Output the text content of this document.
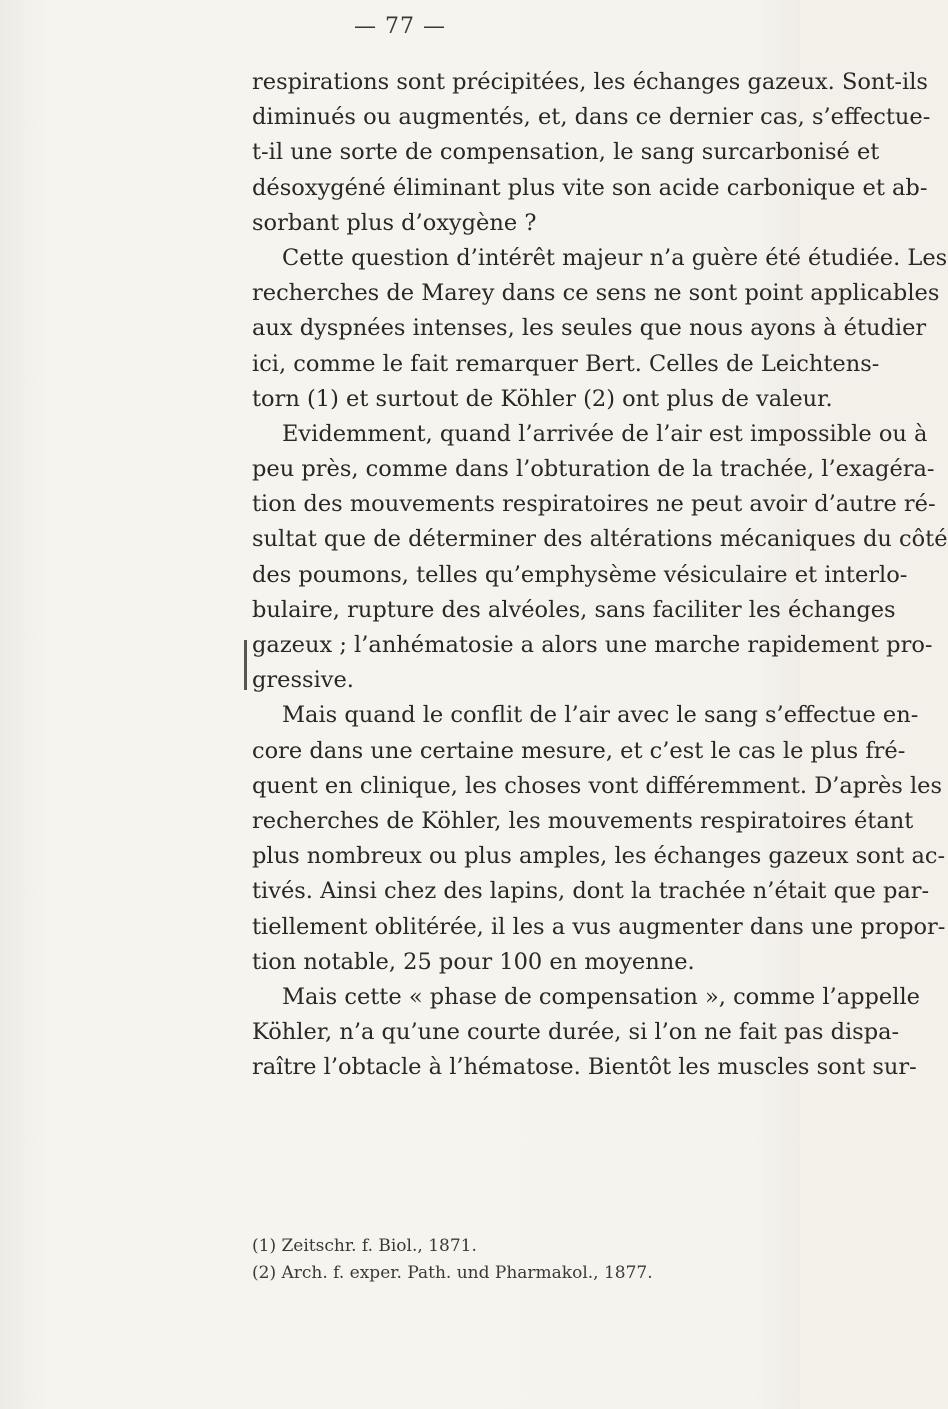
— 77 —
respirations sont précipitées, les échanges gazeux. Sont-ils
diminués ou augmentés, et, dans ce dernier cas, s’effectue-
t-il une sorte de compensation, le sang surcarbonisé et
désoxygéné éliminant plus vite son acide carbonique et ab-
sorbant plus d’oxygène ?
Cette question d’intérêt majeur n’a guère été étudiée. Les
recherches de Marey dans ce sens ne sont point applicables
aux dyspnées intenses, les seules que nous ayons à étudier
ici, comme le fait remarquer Bert. Celles de Leichtens-
torn (1) et surtout de Köhler (2) ont plus de valeur.
Evidemment, quand l’arrivée de l’air est impossible ou à
peu près, comme dans l’obturation de la trachée, l’exagéra-
tion des mouvements respiratoires ne peut avoir d’autre ré-
sultat que de déterminer des altérations mécaniques du côté
des poumons, telles qu’emphysème vésiculaire et interlo-
bulaire, rupture des alvéoles, sans faciliter les échanges
gazeux ; l’anhématosie a alors une marche rapidement pro-
gressive.
Mais quand le conflit de l’air avec le sang s’effectue en-
core dans une certaine mesure, et c’est le cas le plus fré-
quent en clinique, les choses vont différemment. D’après les
recherches de Köhler, les mouvements respiratoires étant
plus nombreux ou plus amples, les échanges gazeux sont ac-
tivés. Ainsi chez des lapins, dont la trachée n’était que par-
tiellement oblitérée, il les a vus augmenter dans une propor-
tion notable, 25 pour 100 en moyenne.
Mais cette « phase de compensation », comme l’appelle
Köhler, n’a qu’une courte durée, si l’on ne fait pas dispa-
raître l’obtacle à l’hématose. Bientôt les muscles sont sur-
(1) Zeitschr. f. Biol., 1871.
(2) Arch. f. exper. Path. und Pharmakol., 1877.
